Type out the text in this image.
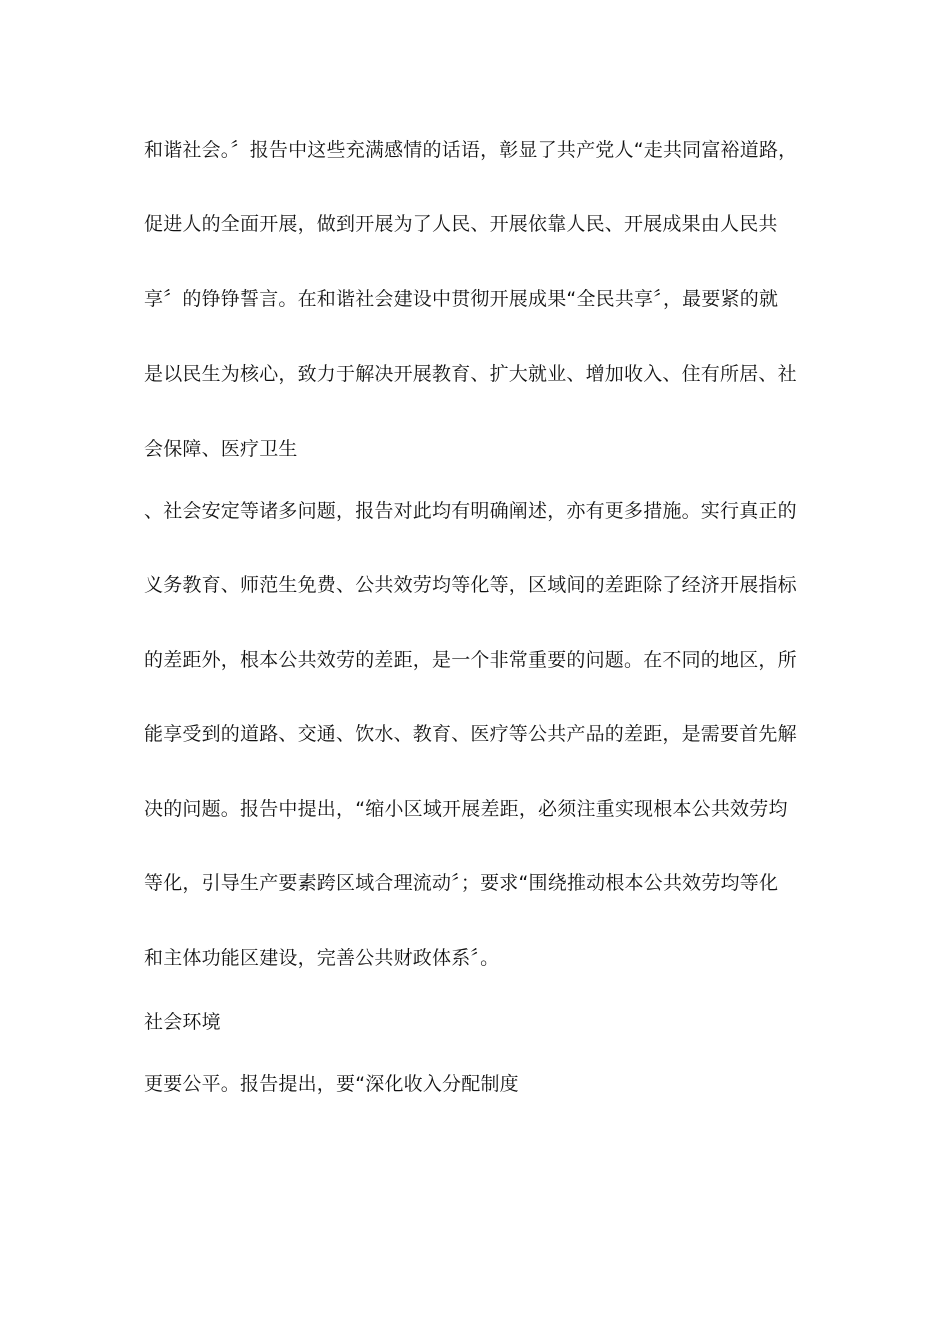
和谐社会。〞报告中这些充满感情的话语，彰显了共产党人“走共同富裕道路，
促进人的全面开展，做到开展为了人民、开展依靠人民、开展成果由人民共
享〞的铮铮誓言。在和谐社会建设中贯彻开展成果“全民共享〞，最要紧的就
是以民生为核心，致力于解决开展教育、扩大就业、增加收入、住有所居、社
会保障、医疗卫生
、社会安定等诸多问题，报告对此均有明确阐述，亦有更多措施。实行真正的
义务教育、师范生免费、公共效劳均等化等，区域间的差距除了经济开展指标
的差距外，根本公共效劳的差距，是一个非常重要的问题。在不同的地区，所
能享受到的道路、交通、饮水、教育、医疗等公共产品的差距，是需要首先解
决的问题。报告中提出，“缩小区域开展差距，必须注重实现根本公共效劳均
等化，引导生产要素跨区域合理流动〞；要求“围绕推动根本公共效劳均等化
和主体功能区建设，完善公共财政体系〞。
社会环境
更要公平。报告提出，要“深化收入分配制度
